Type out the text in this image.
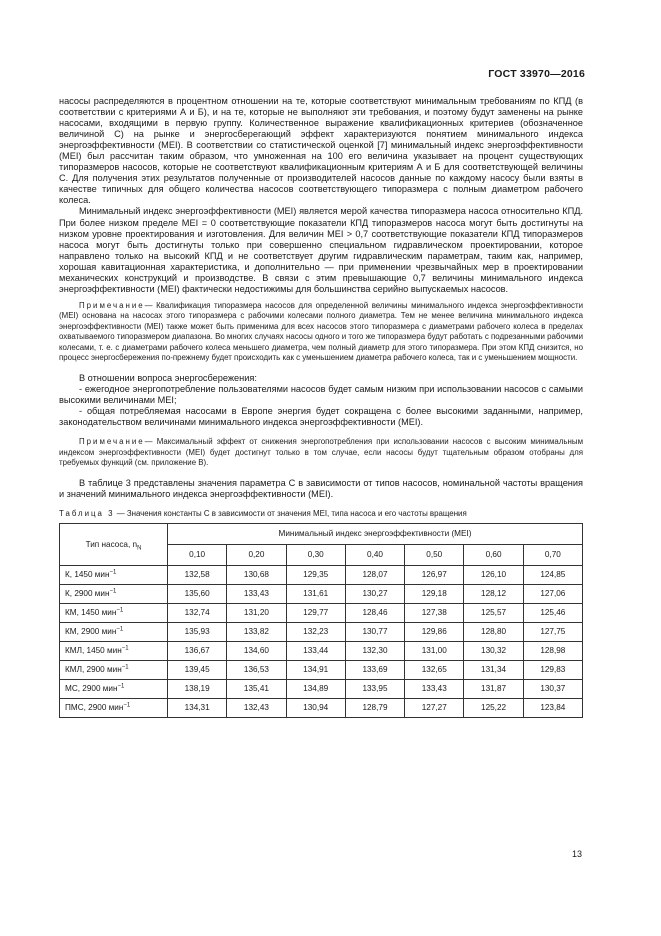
ГОСТ 33970—2016

насосы распределяются в процентном отношении на те, которые соответствуют минимальным требованиям по КПД (в соответствии с критериями А и Б), и на те, которые не выполняют эти требования, и поэтому будут заменены на рынке насосами, входящими в первую группу. Количественное выражение квалификационных критериев (обозначенное величиной С) на рынке и энергосберегающий эффект характеризуются понятием минимального индекса энергоэффективности (MEI). В соответствии со статистической оценкой [7] минимальный индекс энергоэффективности (MEI) был рассчитан таким образом, что умноженная на 100 его величина указывает на процент существующих типоразмеров насосов, которые не соответствуют квалификационным критериям А и Б для соответствующей величины С. Для получения этих результатов полученные от производителей насосов данные по каждому насосу были взяты в качестве типичных для общего количества насосов соответствующего типоразмера с полным диаметром рабочего колеса.

Минимальный индекс энергоэффективности (MEI) является мерой качества типоразмера насоса относительно КПД. При более низком пределе MEI = 0 соответствующие показатели КПД типоразмеров насоса могут быть достигнуты на низком уровне проектирования и изготовления. Для величин MEI > 0,7 соответствующие показатели КПД типоразмеров насоса могут быть достигнуты только при совершенно специальном гидравлическом проектировании, которое направлено только на высокий КПД и не соответствует другим гидравлическим параметрам, таким как, например, хорошая кавитационная характеристика, и дополнительно — при применении чрезвычайных мер в проектировании механических конструкций и производстве. В связи с этим превышающие 0,7 величины минимального индекса энергоэффективности (MEI) фактически недостижимы для большинства серийно выпускаемых насосов.

Примечание— Квалификация типоразмера насосов для определенной величины минимального индекса энергоэффективности (MEI) основана на насосах этого типоразмера с рабочими колесами полного диаметра. Тем не менее величина минимального индекса энергоэффективности (MEI) также может быть применима для всех насосов этого типоразмера с диаметрами рабочего колеса в пределах охватываемого типоразмером диапазона. Во многих случаях насосы одного и того же типоразмера будут работать с подрезанными рабочими колесами, т. е. с диаметрами рабочего колеса меньшего диаметра, чем полный диаметр для этого типоразмера. При этом КПД снизится, но процесс энергосбережения по-прежнему будет происходить как с уменьшением диаметра рабочего колеса, так и с уменьшением мощности.

В отношении вопроса энергосбережения:

- ежегодное энергопотребление пользователями насосов будет самым низким при использовании насосов с самыми высокими величинами MEI;

- общая потребляемая насосами в Европе энергия будет сокращена с более высокими заданными, например, законодательством величинами минимального индекса энергоэффективности (MEI).

Примечание— Максимальный эффект от снижения энергопотребления при использовании насосов с высоким минимальным индексом энергоэффективности (MEI) будет достигнут только в том случае, если насосы будут тщательным образом отобраны для требуемых функций (см. приложение В).

В таблице 3 представлены значения параметра С в зависимости от типов насосов, номинальной частоты вращения и значений минимального индекса энергоэффективности (MEI).

Таблица 3 — Значения константы С в зависимости от значения MEI, типа насоса и его частоты вращения

Тип насоса, $n_N$	Минимальный индекс энергоэффективности (MEI)						
	0,10	0,20	0,30	0,40	0,50	0,60	0,70
К, 1450 мин$^{-1}$	132,58	130,68	129,35	128,07	126,97	126,10	124,85
К, 2900 мин$^{-1}$	135,60	133,43	131,61	130,27	129,18	128,12	127,06
КМ, 1450 мин$^{-1}$	132,74	131,20	129,77	128,46	127,38	125,57	125,46
КМ, 2900 мин$^{-1}$	135,93	133,82	132,23	130,77	129,86	128,80	127,75
КМЛ, 1450 мин$^{-1}$	136,67	134,60	133,44	132,30	131,00	130,32	128,98
КМЛ, 2900 мин$^{-1}$	139,45	136,53	134,91	133,69	132,65	131,34	129,83
МС, 2900 мин$^{-1}$	138,19	135,41	134,89	133,95	133,43	131,87	130,37
ПМС, 2900 мин$^{-1}$	134,31	132,43	130,94	128,79	127,27	125,22	123,84
13
